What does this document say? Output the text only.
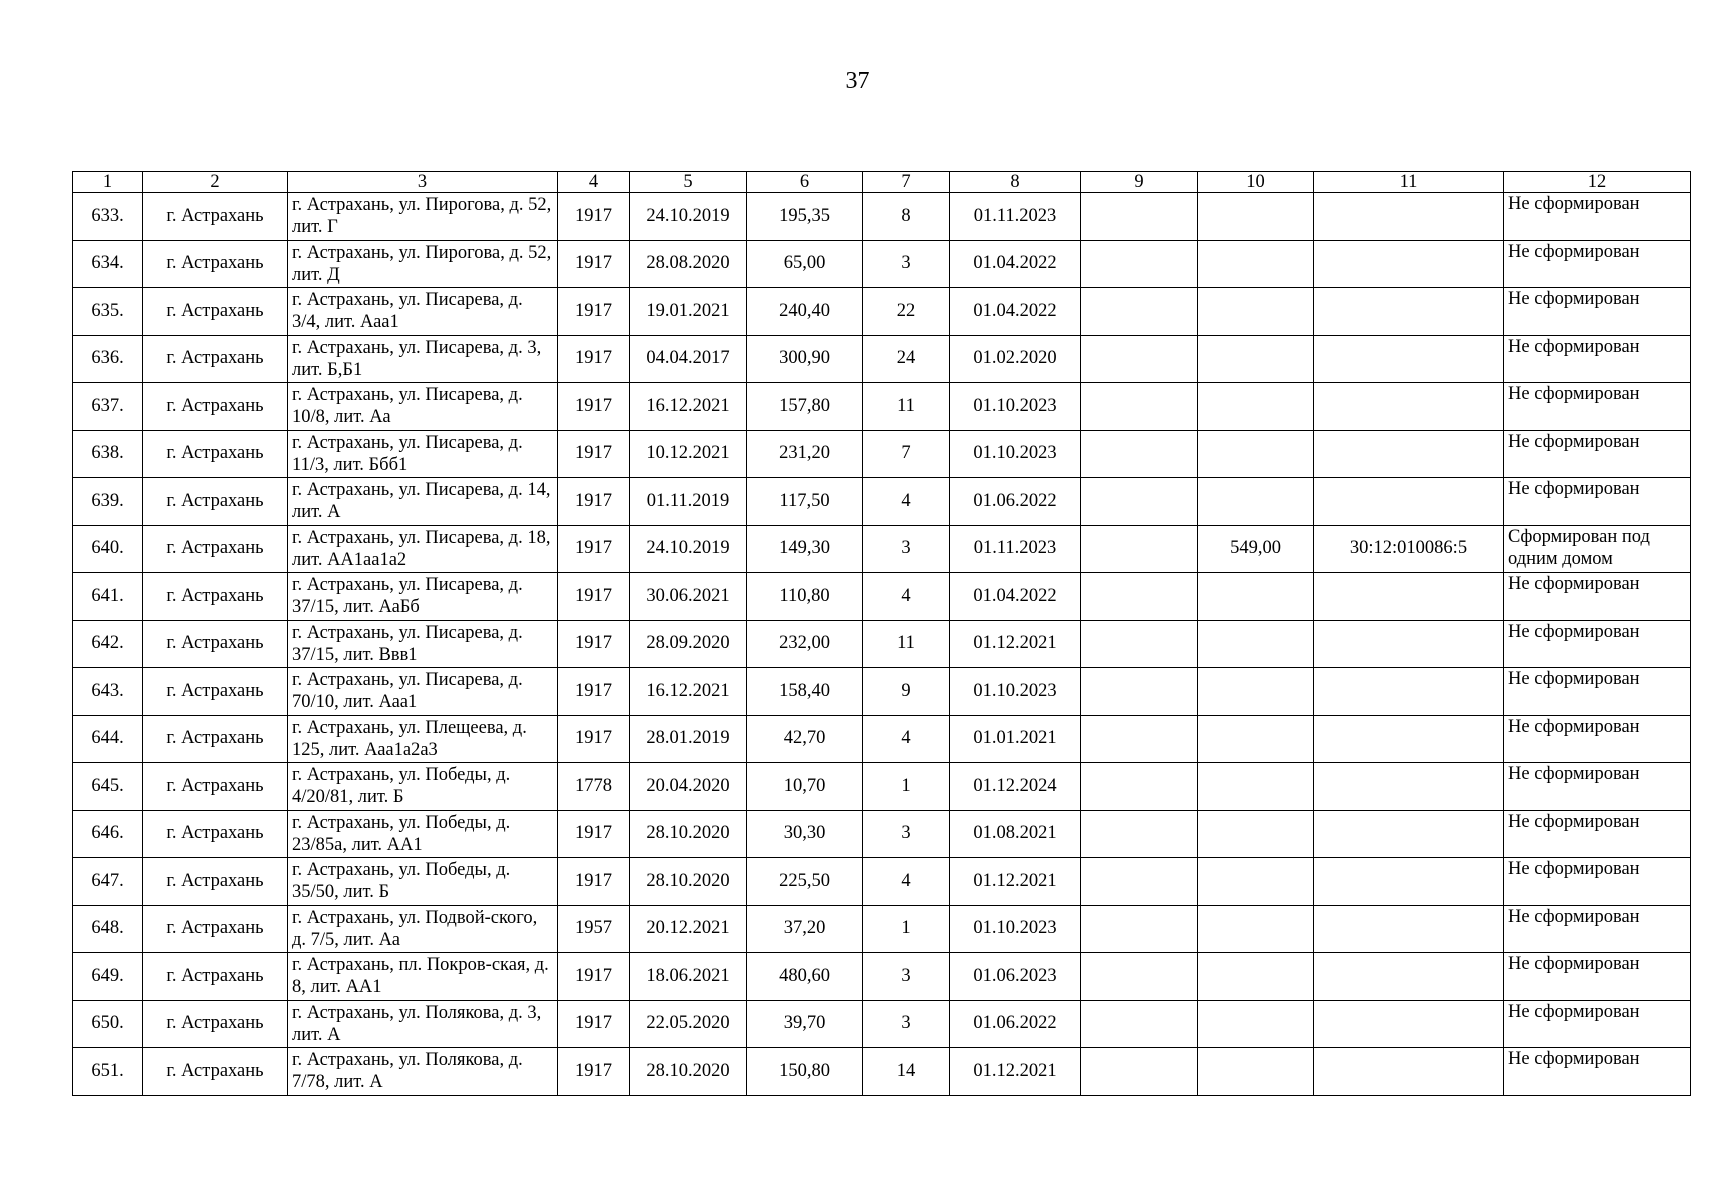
37
1	2	3	4	5	6	7	8	9	10	11	12
633.	г. Астрахань	г. Астрахань, ул. Пирогова, д. 52, лит. Г	1917	24.10.2019	195,35	8	01.11.2023				Не сформирован
634.	г. Астрахань	г. Астрахань, ул. Пирогова, д. 52, лит. Д	1917	28.08.2020	65,00	3	01.04.2022				Не сформирован
635.	г. Астрахань	г. Астрахань, ул. Писарева, д. 3/4, лит. Ааа1	1917	19.01.2021	240,40	22	01.04.2022				Не сформирован
636.	г. Астрахань	г. Астрахань, ул. Писарева, д. 3, лит. Б,Б1	1917	04.04.2017	300,90	24	01.02.2020				Не сформирован
637.	г. Астрахань	г. Астрахань, ул. Писарева, д. 10/8, лит. Аа	1917	16.12.2021	157,80	11	01.10.2023				Не сформирован
638.	г. Астрахань	г. Астрахань, ул. Писарева, д. 11/3, лит. Ббб1	1917	10.12.2021	231,20	7	01.10.2023				Не сформирован
639.	г. Астрахань	г. Астрахань, ул. Писарева, д. 14, лит. А	1917	01.11.2019	117,50	4	01.06.2022				Не сформирован
640.	г. Астрахань	г. Астрахань, ул. Писарева, д. 18, лит. АА1аа1а2	1917	24.10.2019	149,30	3	01.11.2023		549,00	30:12:010086:5	Сформирован под одним домом
641.	г. Астрахань	г. Астрахань, ул. Писарева, д. 37/15, лит. АаБб	1917	30.06.2021	110,80	4	01.04.2022				Не сформирован
642.	г. Астрахань	г. Астрахань, ул. Писарева, д. 37/15, лит. Ввв1	1917	28.09.2020	232,00	11	01.12.2021				Не сформирован
643.	г. Астрахань	г. Астрахань, ул. Писарева, д. 70/10, лит. Ааа1	1917	16.12.2021	158,40	9	01.10.2023				Не сформирован
644.	г. Астрахань	г. Астрахань, ул. Плещеева, д. 125, лит. Ааа1а2а3	1917	28.01.2019	42,70	4	01.01.2021				Не сформирован
645.	г. Астрахань	г. Астрахань, ул. Победы, д. 4/20/81, лит. Б	1778	20.04.2020	10,70	1	01.12.2024				Не сформирован
646.	г. Астрахань	г. Астрахань, ул. Победы, д. 23/85а, лит. АА1	1917	28.10.2020	30,30	3	01.08.2021				Не сформирован
647.	г. Астрахань	г. Астрахань, ул. Победы, д. 35/50, лит. Б	1917	28.10.2020	225,50	4	01.12.2021				Не сформирован
648.	г. Астрахань	г. Астрахань, ул. Подвой-ского, д. 7/5, лит. Аа	1957	20.12.2021	37,20	1	01.10.2023				Не сформирован
649.	г. Астрахань	г. Астрахань, пл. Покров-ская, д. 8, лит. АА1	1917	18.06.2021	480,60	3	01.06.2023				Не сформирован
650.	г. Астрахань	г. Астрахань, ул. Полякова, д. 3, лит. А	1917	22.05.2020	39,70	3	01.06.2022				Не сформирован
651.	г. Астрахань	г. Астрахань, ул. Полякова, д. 7/78, лит. А	1917	28.10.2020	150,80	14	01.12.2021				Не сформирован
